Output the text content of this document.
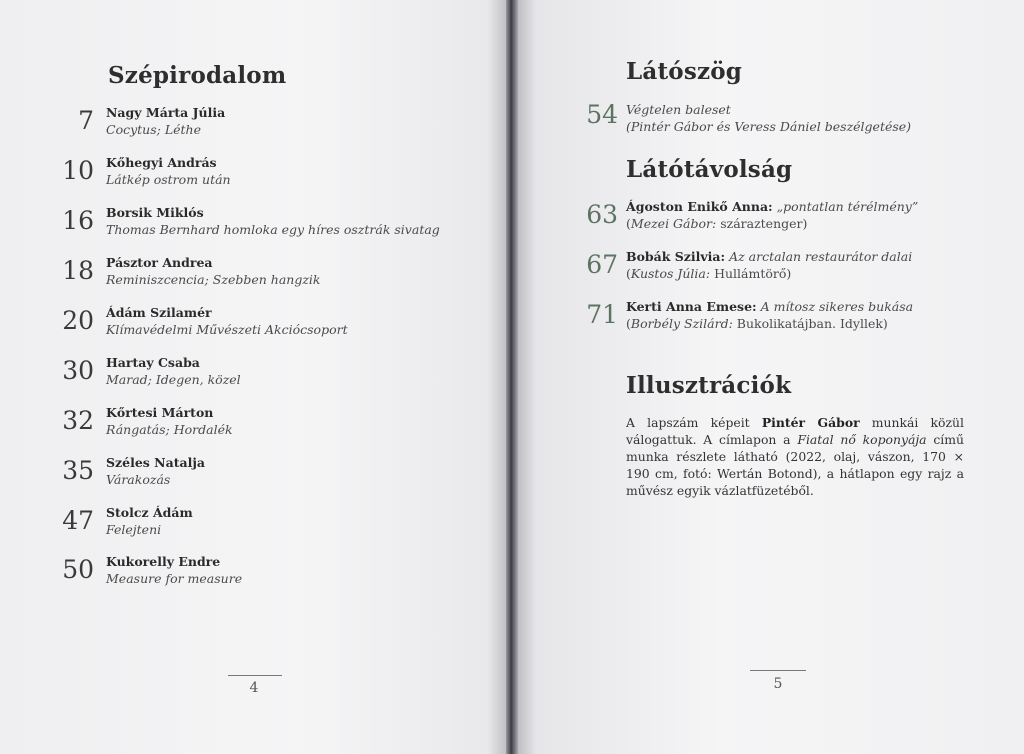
Szépirodalom
7 Nagy Márta Júlia
Cocytus; Léthe
10 Kőhegyi András
Látkép ostrom után
16 Borsik Miklós
Thomas Bernhard homloka egy híres osztrák sivatag
18 Pásztor Andrea
Reminiszcencia; Szebben hangzik
20 Ádám Szilamér
Klímavédelmi Művészeti Akciócsoport
30 Hartay Csaba
Marad; Idegen, közel
32 Kőrtesi Márton
Rángatás; Hordalék
35 Széles Natalja
Várakozás
47 Stolcz Ádám
Felejteni
50 Kukorelly Endre
Measure for measure
4
Látószög
54 Végtelen baleset
(Pintér Gábor és Veress Dániel beszélgetése)
Látótávolság
63 Ágoston Enikő Anna: „pontatlan térélmény”
(Mezei Gábor: száraztenger)
67 Bobák Szilvia: Az arctalan restaurátor dalai
(Kustos Júlia: Hullámtörő)
71 Kerti Anna Emese: A mítosz sikeres bukása
(Borbély Szilárd: Bukolikatájban. Idyllek)
Illusztrációk
A lapszám képeit Pintér Gábor munkái közül válogattuk. A címlapon a Fiatal nő koponyája című munka részlete látható (2022, olaj, vászon, 170 × 190 cm, fotó: Wertán Botond), a hátlapon egy rajz a művész egyik vázlatfüzetéből.
5
